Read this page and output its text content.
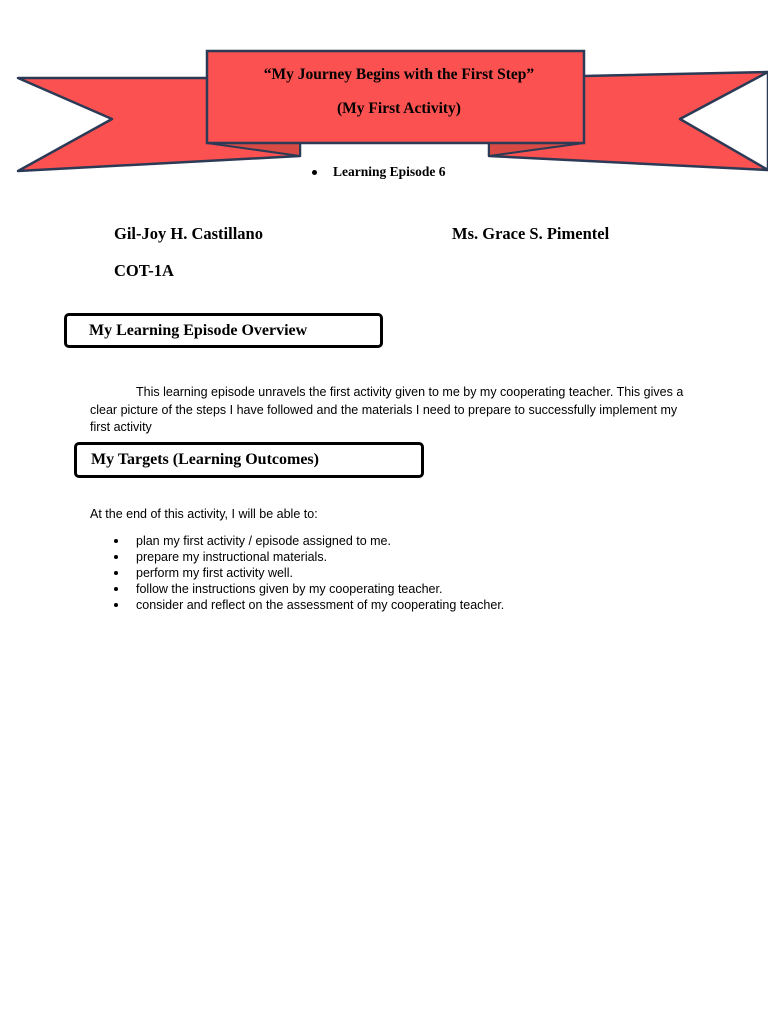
“My Journey Begins with the First Step”
(My First Activity)
Learning Episode 6
Gil-Joy H. Castillano	Ms. Grace S. Pimentel
COT-1A
My Learning Episode Overview

This learning episode unravels the first activity given to me by my cooperating teacher. This gives a clear picture of the steps I have followed and the materials I need to prepare to successfully implement my first activity

My Targets (Learning Outcomes)
At the end of this activity, I will be able to:
plan my first activity / episode assigned to me.
prepare my instructional materials.
perform my first activity well.
follow the instructions given by my cooperating teacher.
consider and reflect on the assessment of my cooperating teacher.
